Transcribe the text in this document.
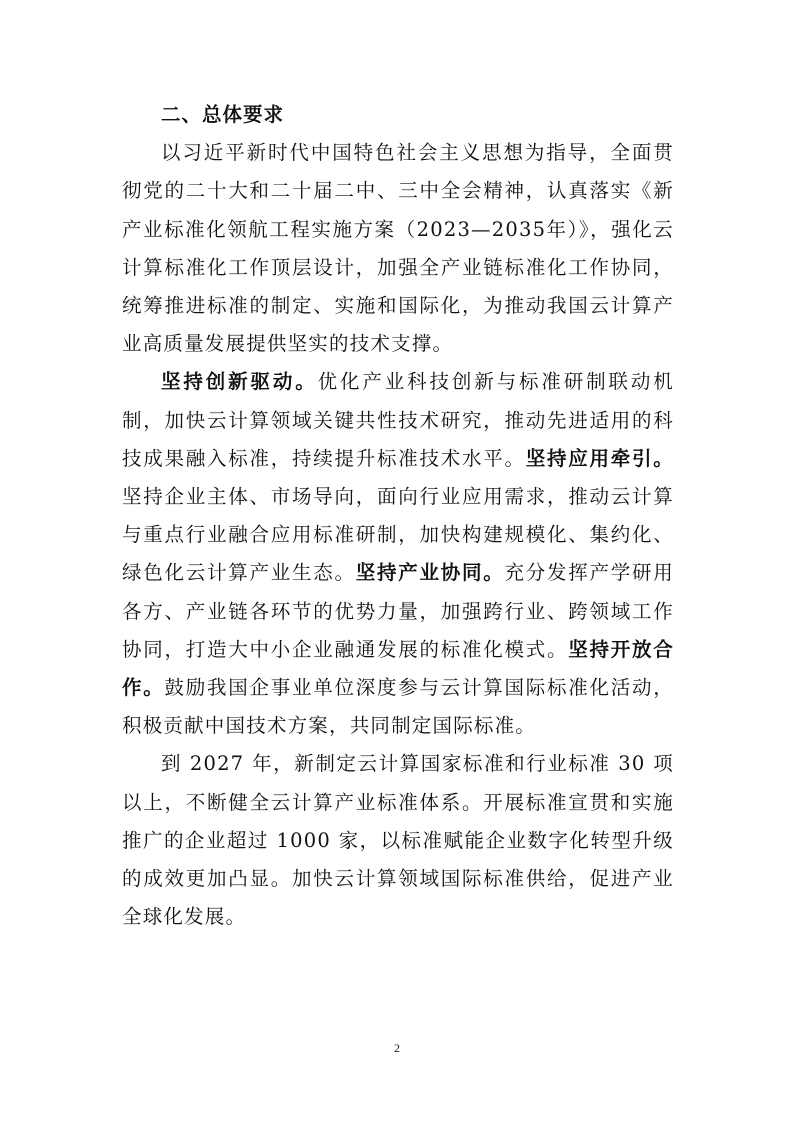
二、总体要求

以习近平新时代中国特色社会主义思想为指导，全面贯彻党的二十大和二十届二中、三中全会精神，认真落实《新产业标准化领航工程实施方案（2023—2035年）》，强化云计算标准化工作顶层设计，加强全产业链标准化工作协同，统筹推进标准的制定、实施和国际化，为推动我国云计算产业高质量发展提供坚实的技术支撑。

坚持创新驱动。优化产业科技创新与标准研制联动机制，加快云计算领域关键共性技术研究，推动先进适用的科技成果融入标准，持续提升标准技术水平。坚持应用牵引。坚持企业主体、市场导向，面向行业应用需求，推动云计算与重点行业融合应用标准研制，加快构建规模化、集约化、绿色化云计算产业生态。坚持产业协同。充分发挥产学研用各方、产业链各环节的优势力量，加强跨行业、跨领域工作协同，打造大中小企业融通发展的标准化模式。坚持开放合作。鼓励我国企事业单位深度参与云计算国际标准化活动，积极贡献中国技术方案，共同制定国际标准。

到 2027 年，新制定云计算国家标准和行业标准 30 项以上，不断健全云计算产业标准体系。开展标准宣贯和实施推广的企业超过 1000 家，以标准赋能企业数字化转型升级的成效更加凸显。加快云计算领域国际标准供给，促进产业全球化发展。

2
